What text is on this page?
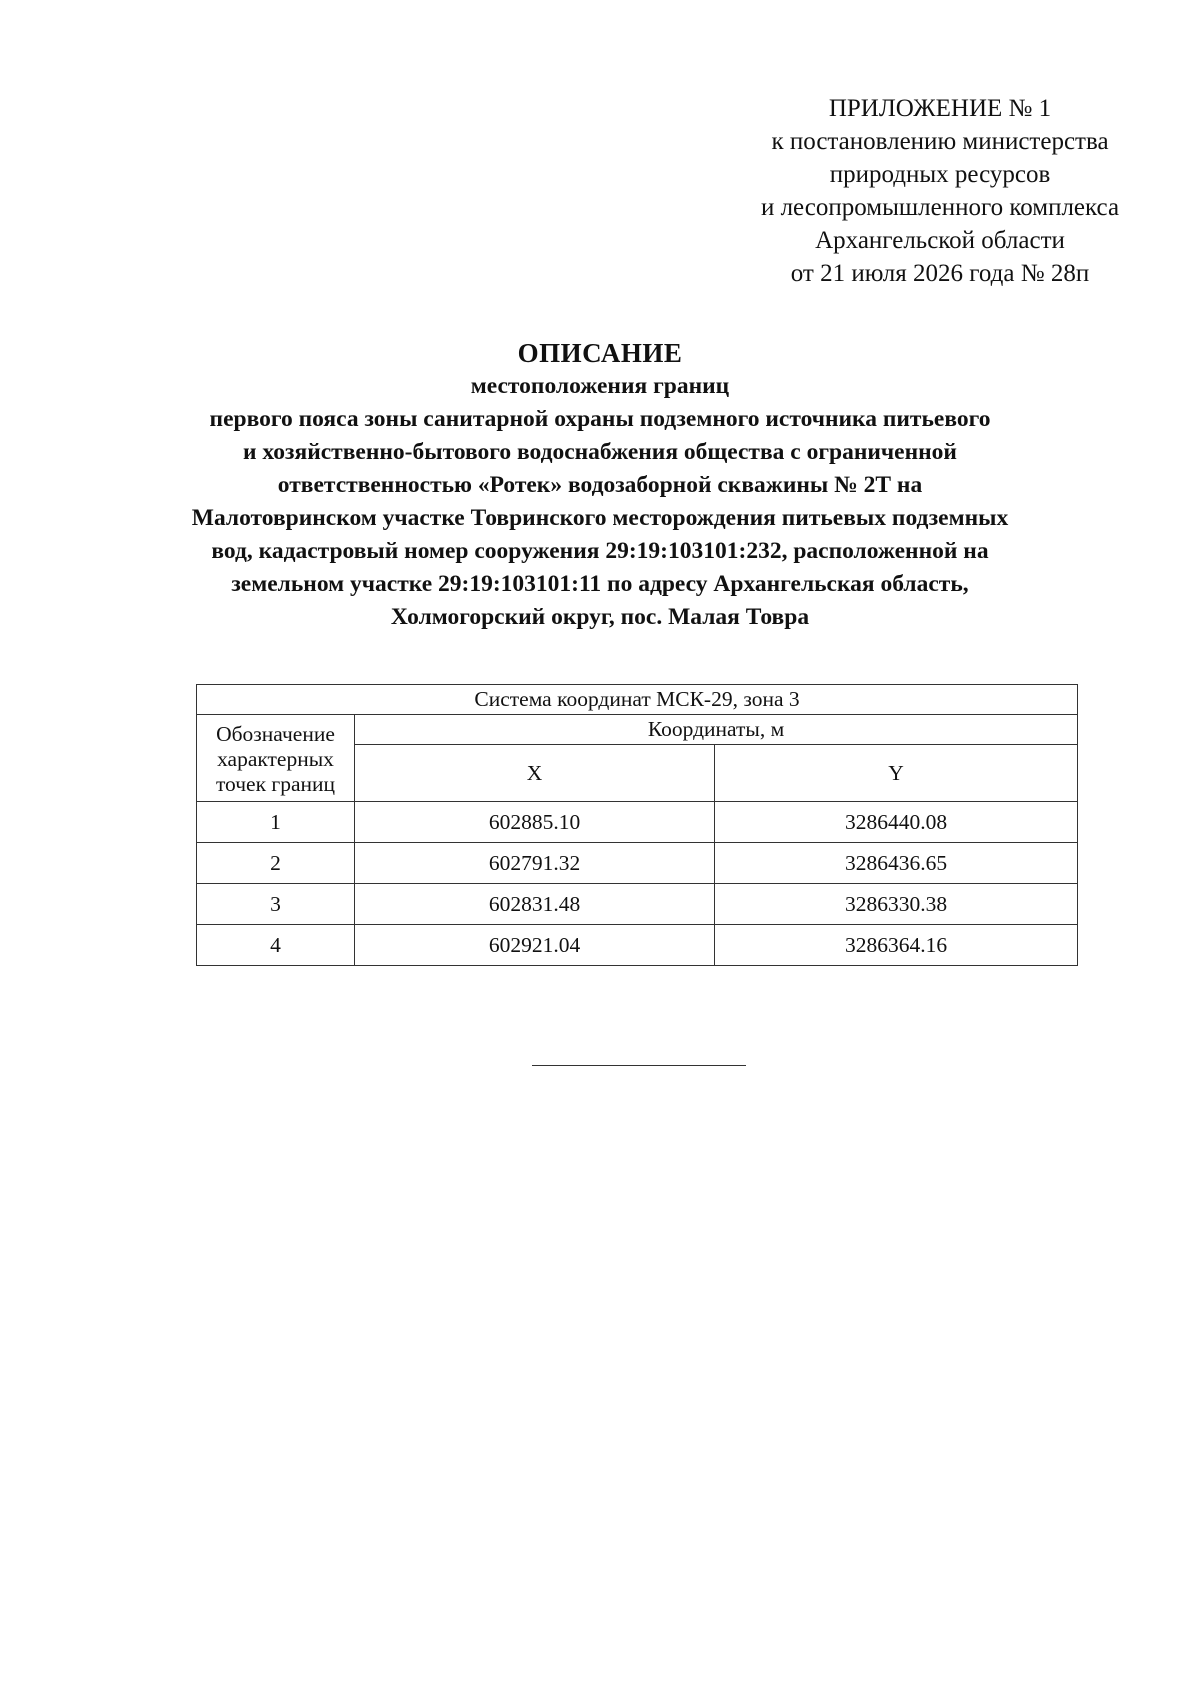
ПРИЛОЖЕНИЕ № 1
к постановлению министерства
природных ресурсов
и лесопромышленного комплекса
Архангельской области
от 21 июля 2026 года № 28п
ОПИСАНИЕ
местоположения границ
первого пояса зоны санитарной охраны подземного источника питьевого
и хозяйственно-бытового водоснабжения общества с ограниченной
ответственностью «Ротек» водозаборной скважины № 2Т на
Малотовринском участке Товринского месторождения питьевых подземных
вод, кадастровый номер сооружения 29:19:103101:232, расположенной на
земельном участке 29:19:103101:11 по адресу Архангельская область,
Холмогорский округ, пос. Малая Товра
Система координат МСК-29, зона 3		

Обозначение
характерных
точек границ	Координаты, м	
	X	Y
1	602885.10	3286440.08
2	602791.32	3286436.65
3	602831.48	3286330.38
4	602921.04	3286364.16
